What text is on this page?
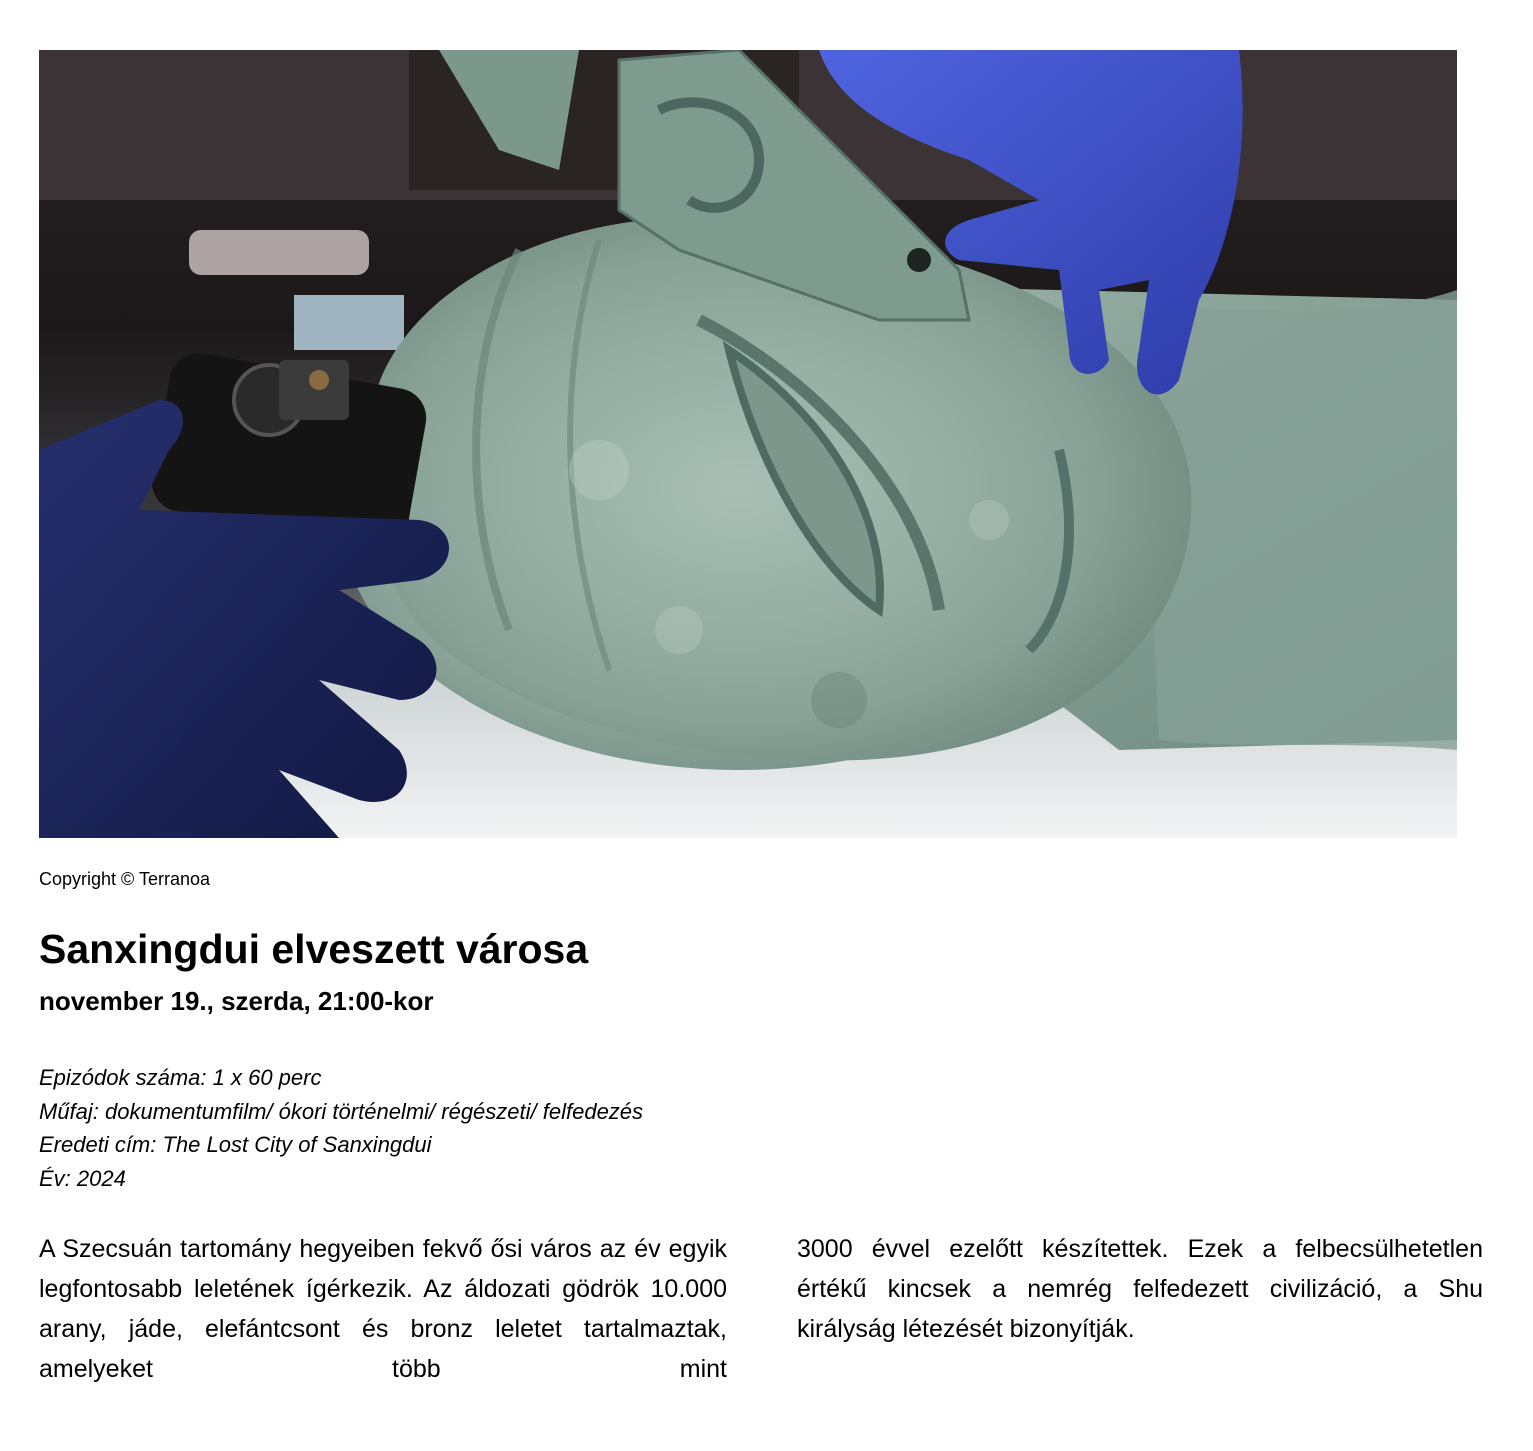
Copyright © Terranoa

Sanxingdui elveszett városa

november 19., szerda, 21:00-kor

Epizódok száma: 1 x 60 perc
Műfaj: dokumentumfilm/ ókori történelmi/ régészeti/ felfedezés
Eredeti cím: The Lost City of Sanxingdui
Év: 2024

A Szecsuán tartomány hegyeiben fekvő ősi város az év egyik legfontosabb leletének ígérkezik. Az áldozati gödrök 10.000 arany, jáde, elefántcsont és bronz leletet tartalmaztak, amelyeket több mint

3000 évvel ezelőtt készítettek. Ezek a felbecsülhetetlen értékű kincsek a nemrég felfedezett civilizáció, a Shu királyság létezését bizonyítják.
